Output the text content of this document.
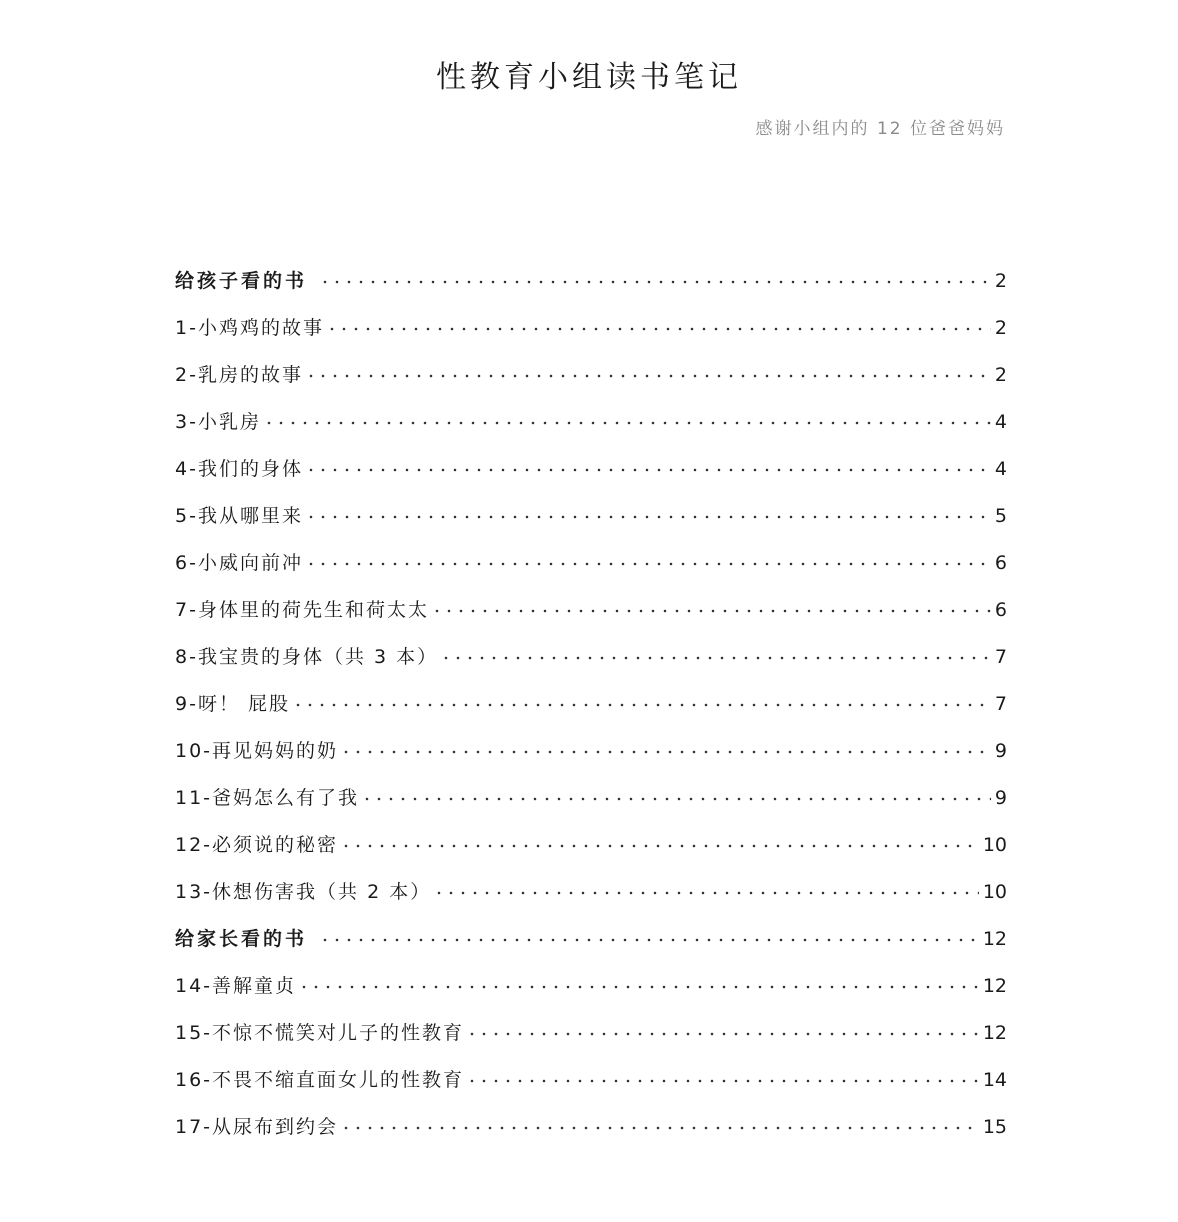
性教育小组读书笔记
感谢小组内的 12 位爸爸妈妈
给孩子看的书	2
1-小鸡鸡的故事	2
2-乳房的故事	2
3-小乳房	4
4-我们的身体	4
5-我从哪里来	5
6-小威向前冲	6
7-身体里的荷先生和荷太太	6
8-我宝贵的身体（共 3 本）	7
9-呀！ 屁股	7
10-再见妈妈的奶	9
11-爸妈怎么有了我	9
12-必须说的秘密	10
13-休想伤害我（共 2 本）	10
给家长看的书	12
14-善解童贞	12
15-不惊不慌笑对儿子的性教育	12
16-不畏不缩直面女儿的性教育	14
17-从尿布到约会	15
